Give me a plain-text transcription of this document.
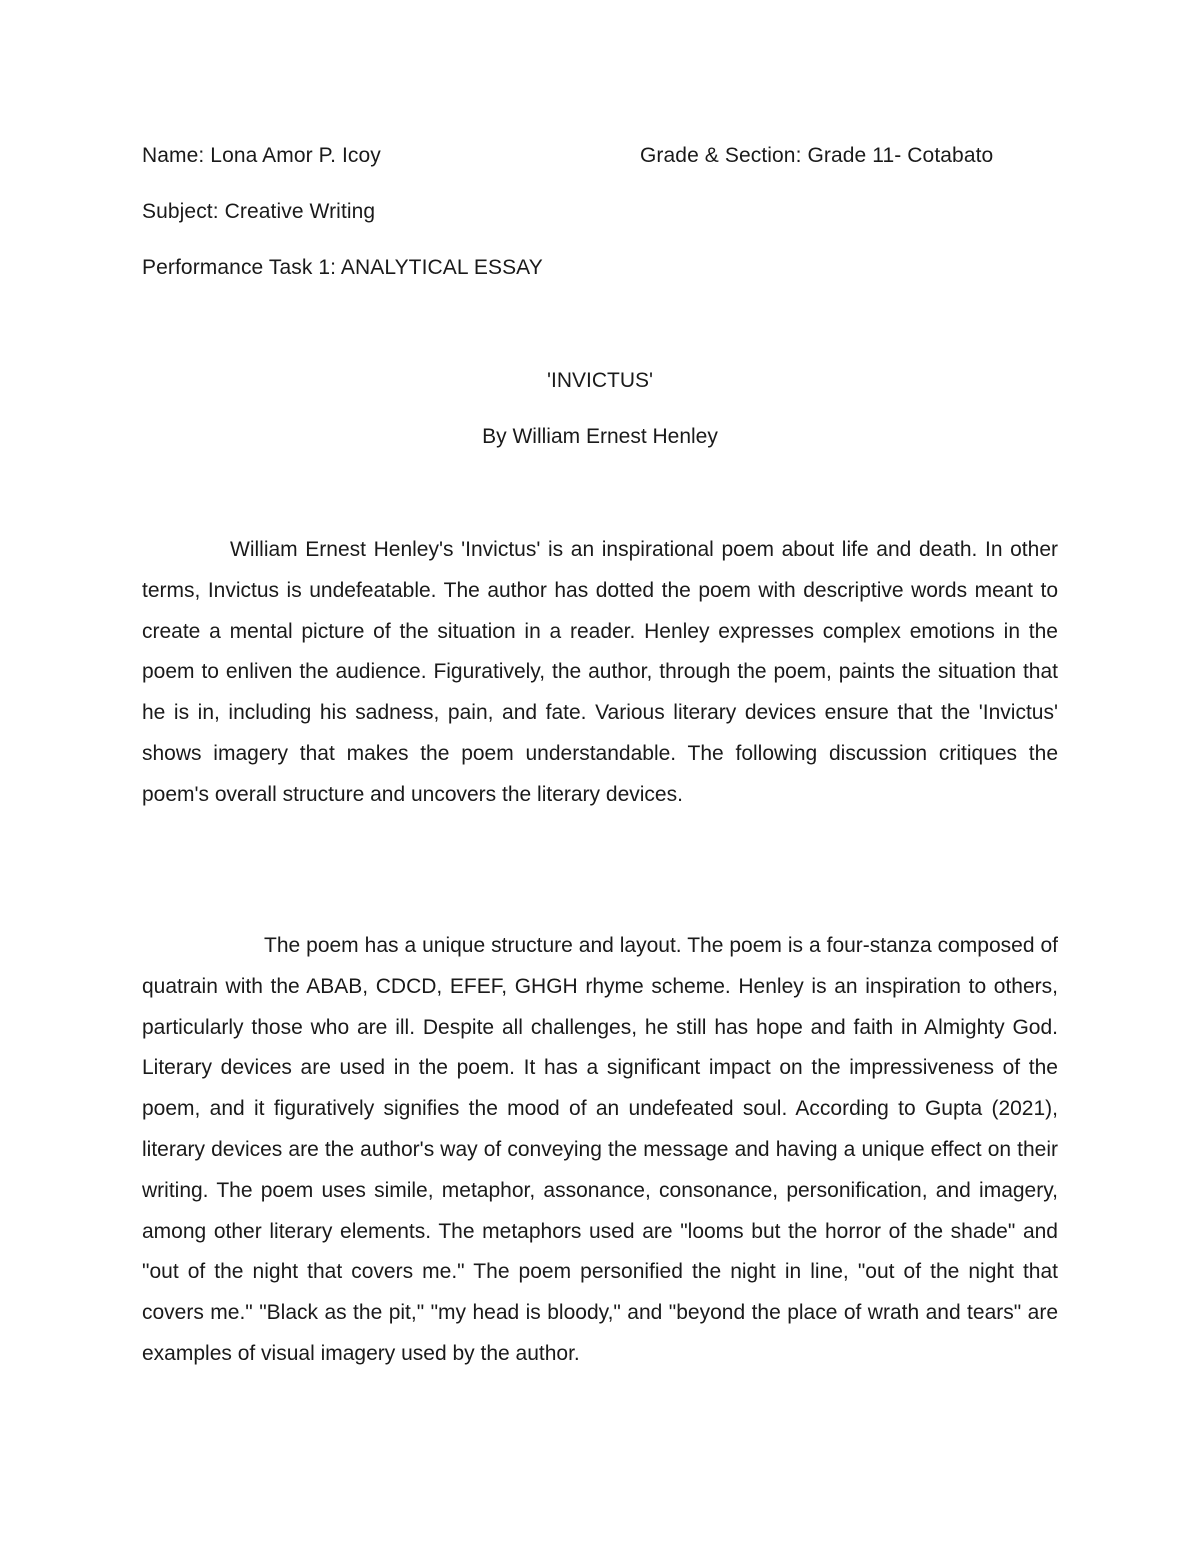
Name: Lona Amor P. Icoy	Grade & Section: Grade 11- Cotabato
Subject: Creative Writing
Performance Task 1: ANALYTICAL ESSAY
'INVICTUS'
By William Ernest Henley

William Ernest Henley's 'Invictus' is an inspirational poem about life and death. In other terms, Invictus is undefeatable. The author has dotted the poem with descriptive words meant to create a mental picture of the situation in a reader. Henley expresses complex emotions in the poem to enliven the audience. Figuratively, the author, through the poem, paints the situation that he is in, including his sadness, pain, and fate. Various literary devices ensure that the 'Invictus' shows imagery that makes the poem understandable. The following discussion critiques the poem's overall structure and uncovers the literary devices.

The poem has a unique structure and layout. The poem is a four-stanza composed of quatrain with the ABAB, CDCD, EFEF, GHGH rhyme scheme. Henley is an inspiration to others, particularly those who are ill. Despite all challenges, he still has hope and faith in Almighty God. Literary devices are used in the poem. It has a significant impact on the impressiveness of the poem, and it figuratively signifies the mood of an undefeated soul. According to Gupta (2021), literary devices are the author's way of conveying the message and having a unique effect on their writing. The poem uses simile, metaphor, assonance, consonance, personification, and imagery, among other literary elements. The metaphors used are "looms but the horror of the shade" and "out of the night that covers me." The poem personified the night in line, "out of the night that covers me." "Black as the pit," "my head is bloody," and "beyond the place of wrath and tears" are examples of visual imagery used by the author.
